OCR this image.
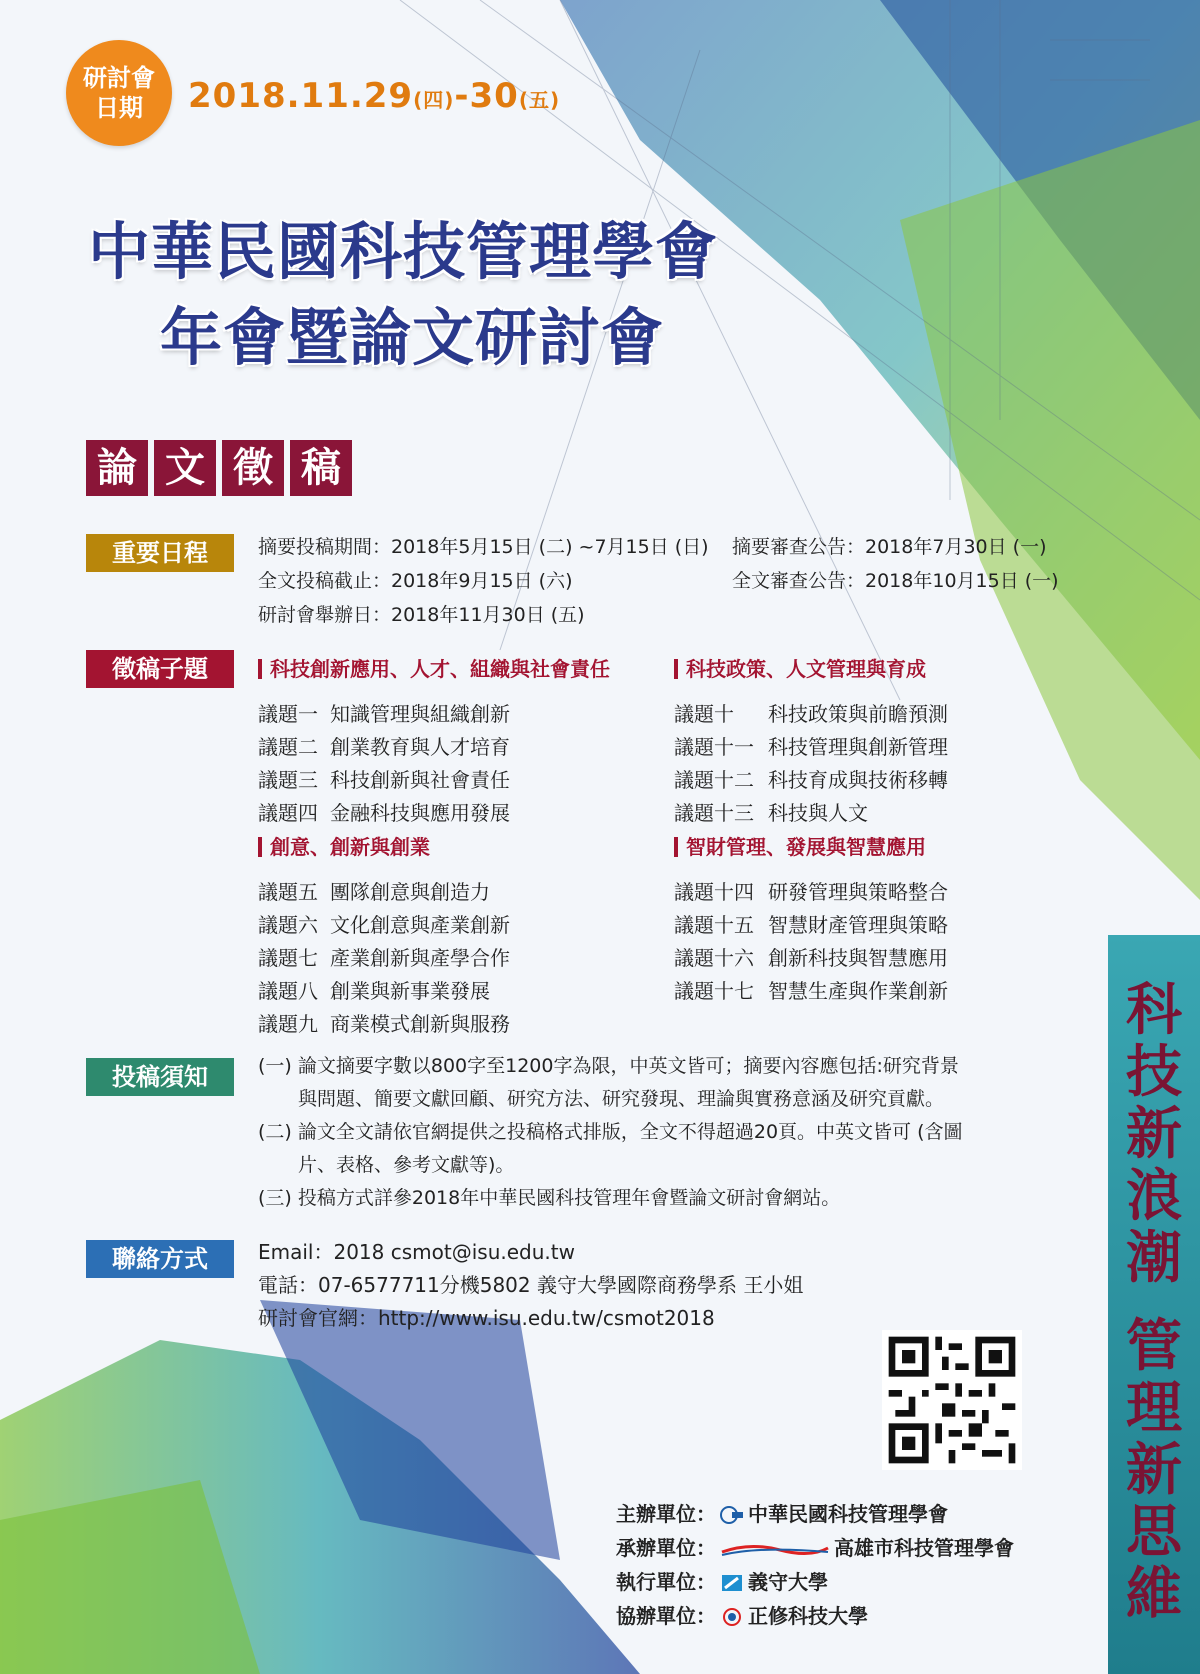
研討會
日期 2018.11.29(四)-30(五)
中華民國科技管理學會
年會暨論文研討會
論 文 徵 稿
重要日程	摘要投稿期間：2018年5月15日 (二) ~7月15日 (日) 摘要審查公告：2018年7月30日 (一)
全文投稿截止：2018年9月15日 (六)	全文審查公告：2018年10月15日 (一)
研討會舉辦日：2018年11月30日 (五)
徵稿子題	科技創新應用、人才、組織與社會責任
議題一 知識管理與組織創新
議題二 創業教育與人才培育
議題三 科技創新與社會責任
議題四 金融科技與應用發展
創意、創新與創業
議題五 團隊創意與創造力
議題六 文化創意與產業創新
議題七 產業創新與產學合作
議題八 創業與新事業發展
議題九 商業模式創新與服務
科技政策、人文管理與育成
議題十 科技政策與前瞻預測
議題十一 科技管理與創新管理
議題十二 科技育成與技術移轉
議題十三 科技與人文
智財管理、發展與智慧應用
議題十四 研發管理與策略整合
議題十五 智慧財產管理與策略
議題十六 創新科技與智慧應用
議題十七 智慧生產與作業創新
投稿須知	(一) 論文摘要字數以800字至1200字為限，中英文皆可；摘要內容應包括:研究背景
與問題、簡要文獻回顧、研究方法、研究發現、理論與實務意涵及研究貢獻。
(二) 論文全文請依官網提供之投稿格式排版，全文不得超過20頁。中英文皆可 (含圖
片、表格、參考文獻等)。
(三) 投稿方式詳參2018年中華民國科技管理年會暨論文研討會網站。
聯絡方式	Email：2018 csmot@isu.edu.tw
電話：07-6577711分機5802 義守大學國際商務學系 王小姐
研討會官網：http://www.isu.edu.tw/csmot2018
主辦單位： 中華民國科技管理學會
承辦單位：	高雄市科技管理學會
執行單位： 義守大學
協辦單位： 正修科技大學
科
技
新
浪
潮
管
理
新
思
維
